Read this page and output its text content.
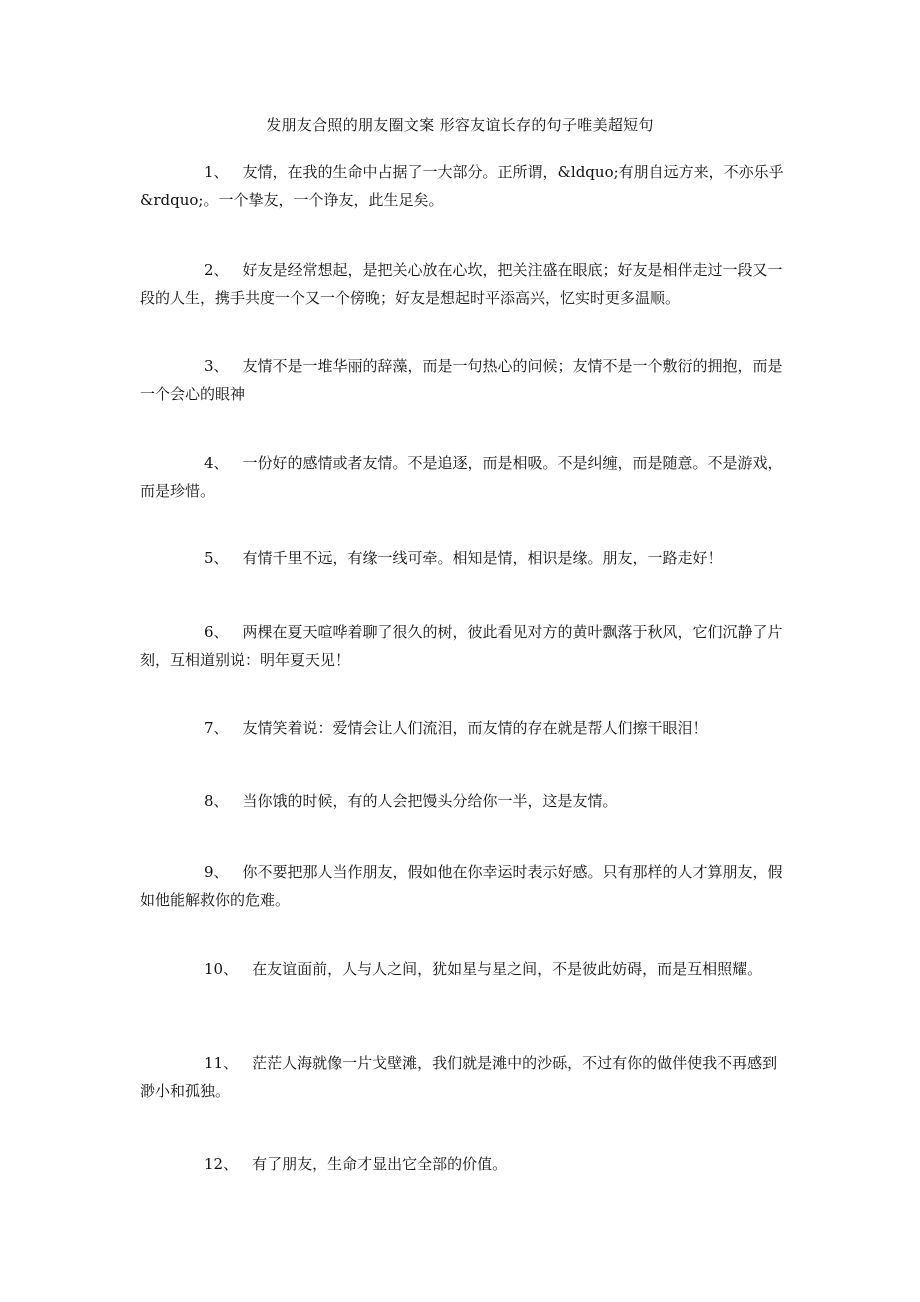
发朋友合照的朋友圈文案 形容友谊长存的句子唯美超短句
1、 友情，在我的生命中占据了一大部分。正所谓，&ldquo;有朋自远方来，不亦乐乎&rdquo;。一个挚友，一个诤友，此生足矣。
2、 好友是经常想起，是把关心放在心坎，把关注盛在眼底；好友是相伴走过一段又一段的人生，携手共度一个又一个傍晚；好友是想起时平添高兴，忆实时更多温顺。
3、 友情不是一堆华丽的辞藻，而是一句热心的问候；友情不是一个敷衍的拥抱，而是一个会心的眼神
4、 一份好的感情或者友情。不是追逐，而是相吸。不是纠缠，而是随意。不是游戏，而是珍惜。
5、 有情千里不远，有缘一线可牵。相知是情，相识是缘。朋友，一路走好！
6、 两棵在夏天喧哗着聊了很久的树，彼此看见对方的黄叶飘落于秋风，它们沉静了片刻，互相道别说：明年夏天见！
7、 友情笑着说：爱情会让人们流泪，而友情的存在就是帮人们擦干眼泪！
8、 当你饿的时候，有的人会把馒头分给你一半，这是友情。
9、 你不要把那人当作朋友，假如他在你幸运时表示好感。只有那样的人才算朋友，假如他能解救你的危难。
10、 在友谊面前，人与人之间，犹如星与星之间，不是彼此妨碍，而是互相照耀。
11、 茫茫人海就像一片戈壁滩，我们就是滩中的沙砾，不过有你的做伴使我不再感到渺小和孤独。
12、 有了朋友，生命才显出它全部的价值。
